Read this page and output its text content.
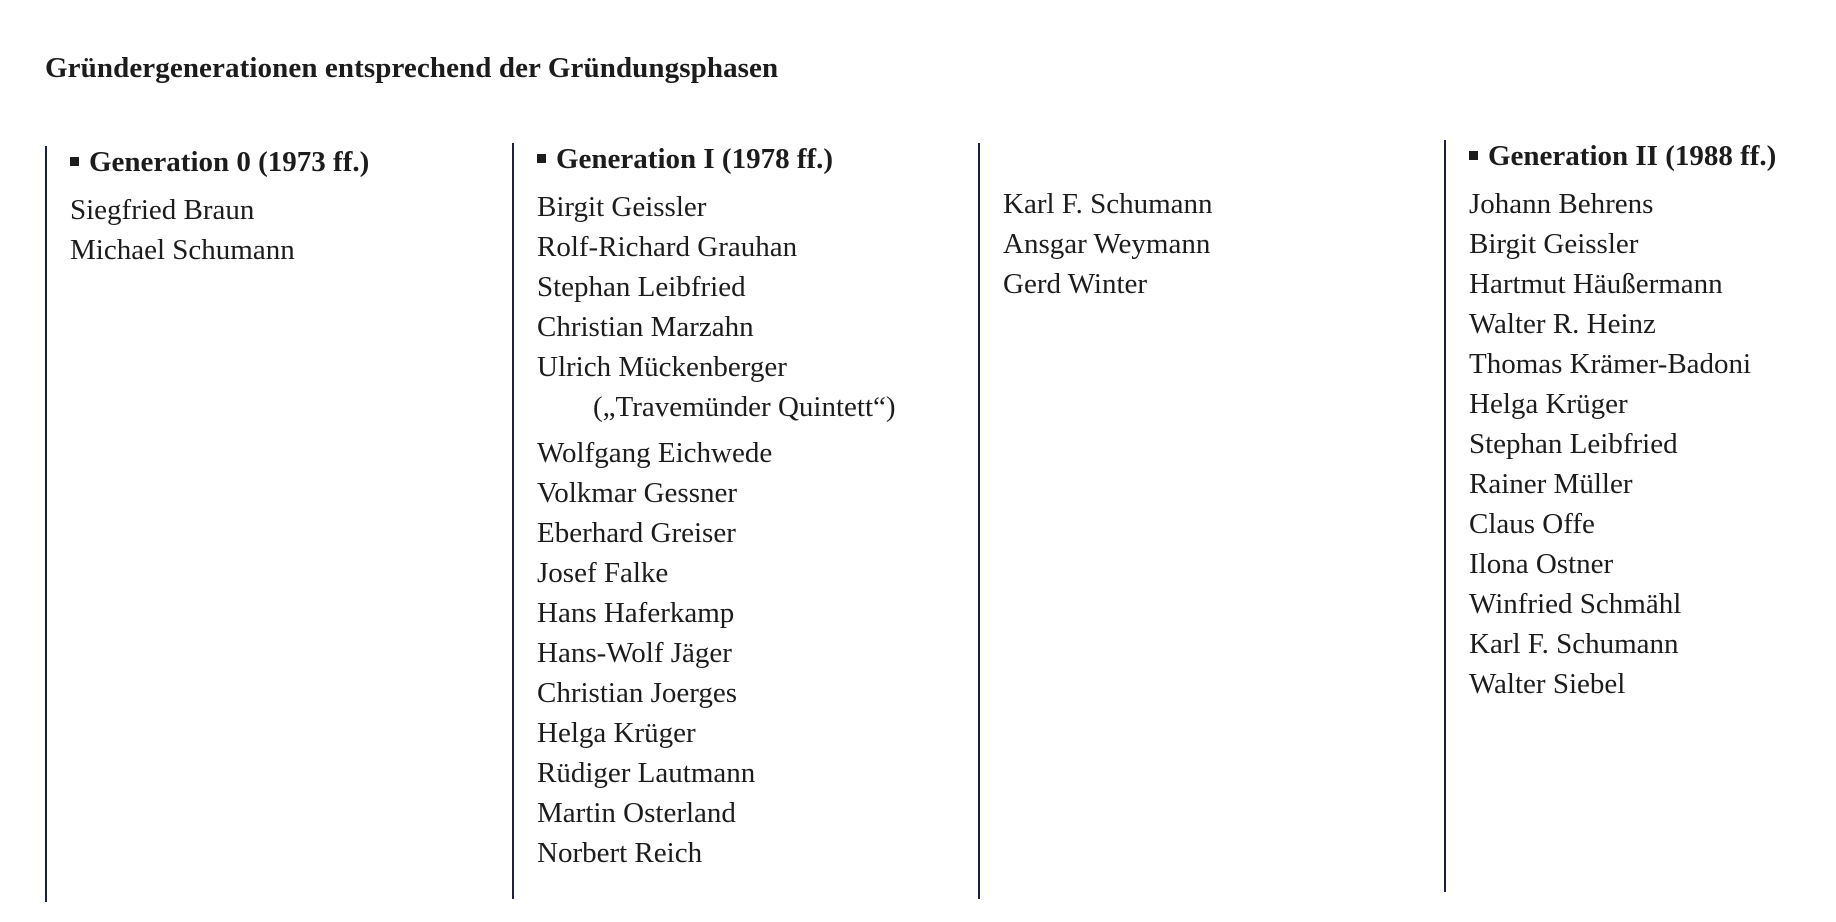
Gründergenerationen entsprechend der Gründungsphasen
Generation 0 (1973 ff.)
Siegfried Braun
Michael Schumann
Generation I (1978 ff.)
Birgit Geissler
Rolf-Richard Grauhan
Stephan Leibfried
Christian Marzahn
Ulrich Mückenberger
(„Travemünder Quintett“)
Wolfgang Eichwede
Volkmar Gessner
Eberhard Greiser
Josef Falke
Hans Haferkamp
Hans-Wolf Jäger
Christian Joerges
Helga Krüger
Rüdiger Lautmann
Martin Osterland
Norbert Reich
Karl F. Schumann
Ansgar Weymann
Gerd Winter
Generation II (1988 ff.)
Johann Behrens
Birgit Geissler
Hartmut Häußermann
Walter R. Heinz
Thomas Krämer-Badoni
Helga Krüger
Stephan Leibfried
Rainer Müller
Claus Offe
Ilona Ostner
Winfried Schmähl
Karl F. Schumann
Walter Siebel
